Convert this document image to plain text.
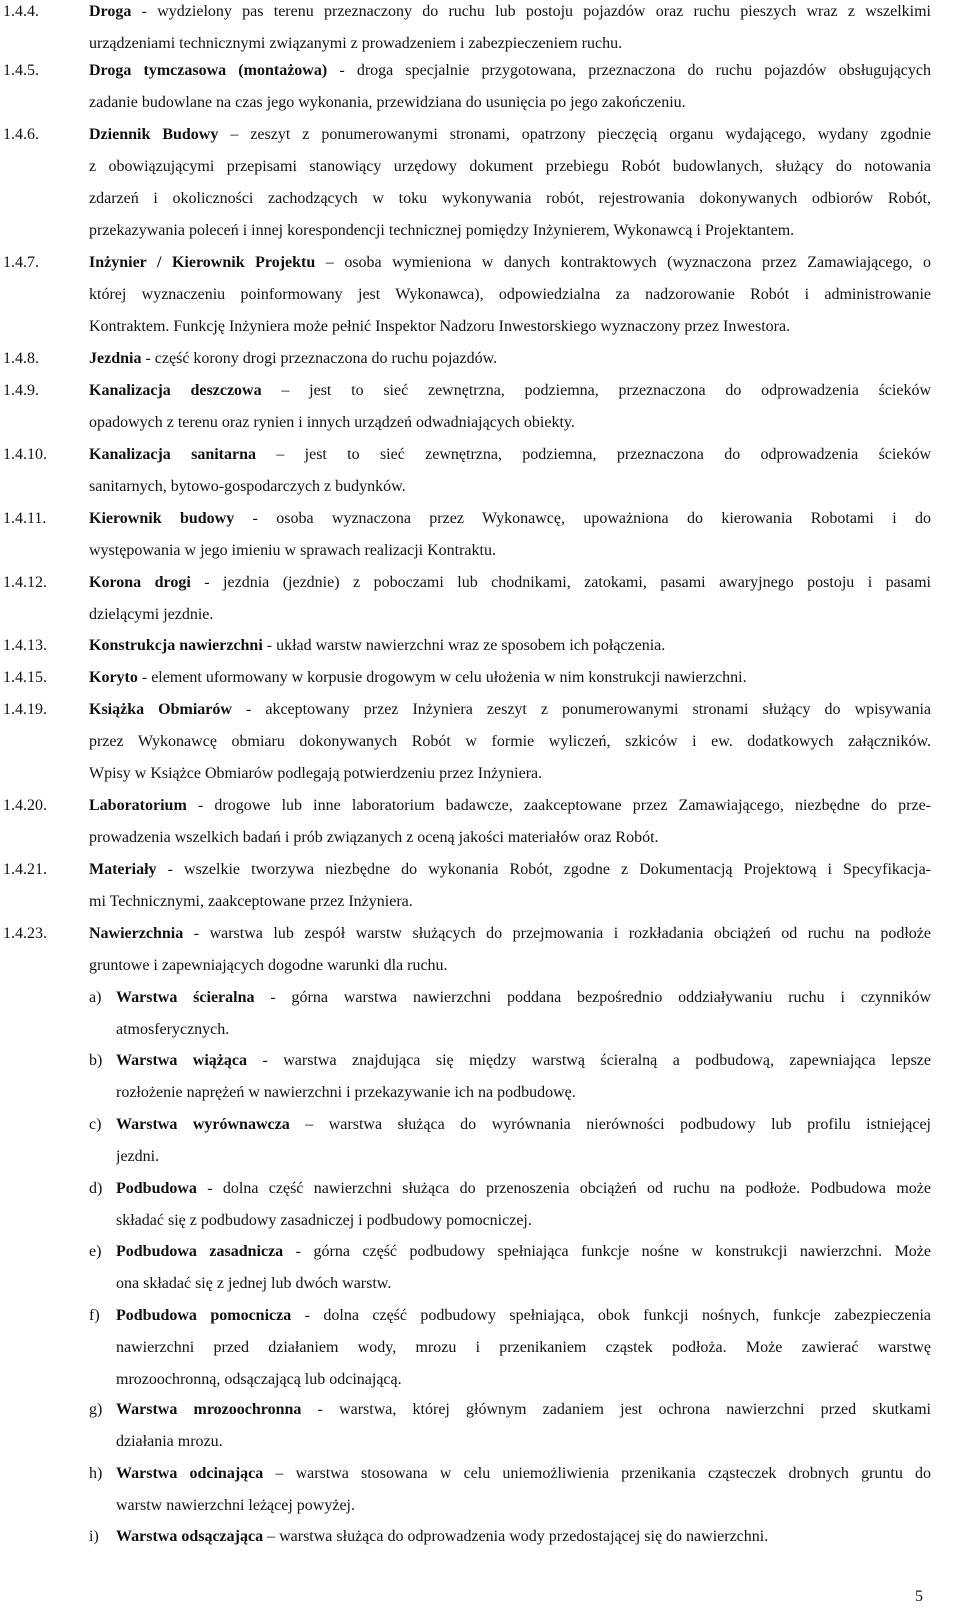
1.4.4.	Droga - wydzielony pas terenu przeznaczony do ruchu lub postoju pojazdów oraz ruchu pieszych wraz z wszelkimi
urządzeniami technicznymi związanymi z prowadzeniem i zabezpieczeniem ruchu.
1.4.5.	Droga tymczasowa (montażowa) - droga specjalnie przygotowana, przeznaczona do ruchu pojazdów obsługujących
zadanie budowlane na czas jego wykonania, przewidziana do usunięcia po jego zakończeniu.
1.4.6.	Dziennik Budowy – zeszyt z ponumerowanymi stronami, opatrzony pieczęcią organu wydającego, wydany zgodnie
z obowiązującymi przepisami stanowiący urzędowy dokument przebiegu Robót budowlanych, służący do notowania
zdarzeń i okoliczności zachodzących w toku wykonywania robót, rejestrowania dokonywanych odbiorów Robót,
przekazywania poleceń i innej korespondencji technicznej pomiędzy Inżynierem, Wykonawcą i Projektantem.
1.4.7.	Inżynier / Kierownik Projektu – osoba wymieniona w danych kontraktowych (wyznaczona przez Zamawiającego, o
której wyznaczeniu poinformowany jest Wykonawca), odpowiedzialna za nadzorowanie Robót i administrowanie
Kontraktem. Funkcję Inżyniera może pełnić Inspektor Nadzoru Inwestorskiego wyznaczony przez Inwestora.
1.4.8.	Jezdnia - część korony drogi przeznaczona do ruchu pojazdów.
1.4.9.	Kanalizacja deszczowa – jest to sieć zewnętrzna, podziemna, przeznaczona do odprowadzenia ścieków
opadowych z terenu oraz rynien i innych urządzeń odwadniających obiekty.
1.4.10.	Kanalizacja sanitarna – jest to sieć zewnętrzna, podziemna, przeznaczona do odprowadzenia ścieków
sanitarnych, bytowo-gospodarczych z budynków.
1.4.11.	Kierownik budowy - osoba wyznaczona przez Wykonawcę, upoważniona do kierowania Robotami i do
występowania w jego imieniu w sprawach realizacji Kontraktu.
1.4.12.	Korona drogi - jezdnia (jezdnie) z poboczami lub chodnikami, zatokami, pasami awaryjnego postoju i pasami
dzielącymi jezdnie.
1.4.13.	Konstrukcja nawierzchni - układ warstw nawierzchni wraz ze sposobem ich połączenia.
1.4.15.	Koryto - element uformowany w korpusie drogowym w celu ułożenia w nim konstrukcji nawierzchni.
1.4.19.	Książka Obmiarów - akceptowany przez Inżyniera zeszyt z ponumerowanymi stronami służący do wpisywania
przez Wykonawcę obmiaru dokonywanych Robót w formie wyliczeń, szkiców i ew. dodatkowych załączników.
Wpisy w Książce Obmiarów podlegają potwierdzeniu przez Inżyniera.
1.4.20.	Laboratorium - drogowe lub inne laboratorium badawcze, zaakceptowane przez Zamawiającego, niezbędne do prze-
prowadzenia wszelkich badań i prób związanych z oceną jakości materiałów oraz Robót.
1.4.21.	Materiały - wszelkie tworzywa niezbędne do wykonania Robót, zgodne z Dokumentacją Projektową i Specyfikacja-
mi Technicznymi, zaakceptowane przez Inżyniera.
1.4.23.	Nawierzchnia - warstwa lub zespół warstw służących do przejmowania i rozkładania obciążeń od ruchu na podłoże
gruntowe i zapewniających dogodne warunki dla ruchu.
a) Warstwa ścieralna - górna warstwa nawierzchni poddana bezpośrednio oddziaływaniu ruchu i czynników
atmosferycznych.
b) Warstwa wiążąca - warstwa znajdująca się między warstwą ścieralną a podbudową, zapewniająca lepsze
rozłożenie naprężeń w nawierzchni i przekazywanie ich na podbudowę.
c) Warstwa wyrównawcza – warstwa służąca do wyrównania nierówności podbudowy lub profilu istniejącej
jezdni.
d) Podbudowa - dolna część nawierzchni służąca do przenoszenia obciążeń od ruchu na podłoże. Podbudowa może
składać się z podbudowy zasadniczej i podbudowy pomocniczej.
e) Podbudowa zasadnicza - górna część podbudowy spełniająca funkcje nośne w konstrukcji nawierzchni. Może
ona składać się z jednej lub dwóch warstw.
f) Podbudowa pomocnicza - dolna część podbudowy spełniająca, obok funkcji nośnych, funkcje zabezpieczenia
nawierzchni przed działaniem wody, mrozu i przenikaniem cząstek podłoża. Może zawierać warstwę
mrozoochronną, odsączającą lub odcinającą.
g) Warstwa mrozoochronna - warstwa, której głównym zadaniem jest ochrona nawierzchni przed skutkami
działania mrozu.
h) Warstwa odcinająca – warstwa stosowana w celu uniemożliwienia przenikania cząsteczek drobnych gruntu do
warstw nawierzchni leżącej powyżej.
i) Warstwa odsączająca – warstwa służąca do odprowadzenia wody przedostającej się do nawierzchni.
5
